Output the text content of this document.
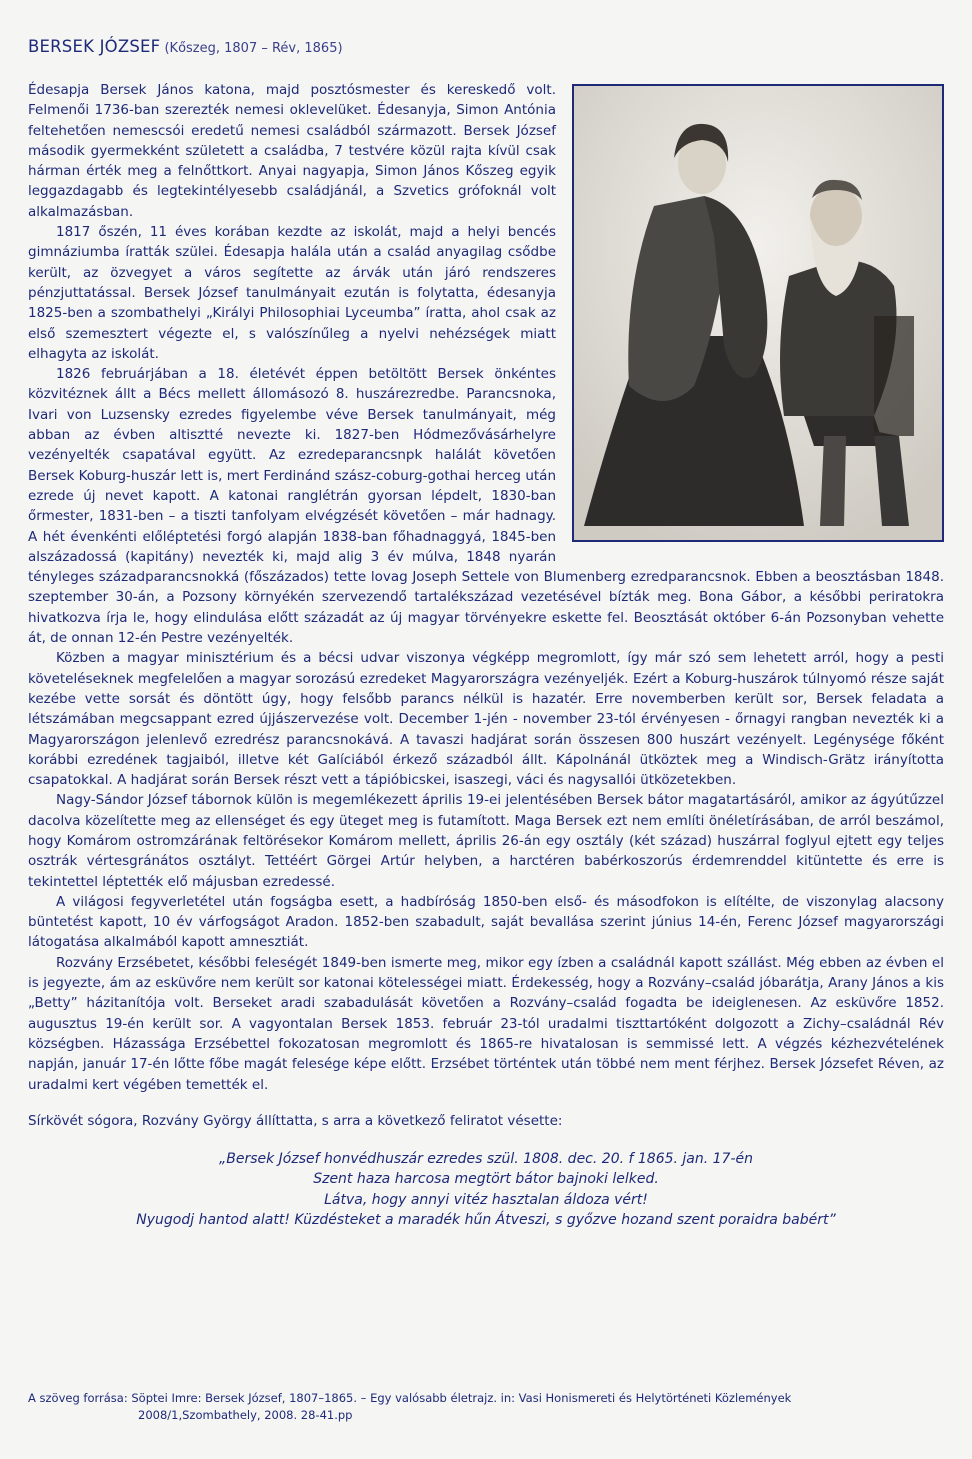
BERSEK JÓZSEF (Kőszeg, 1807 – Rév, 1865)

Édesapja Bersek János katona, majd posztósmester és kereskedő volt. Felmenői 1736-ban szerezték nemesi oklevelüket. Édesanyja, Simon Antónia feltehetően nemescsói eredetű nemesi családból származott. Bersek József második gyermekként született a családba, 7 testvére közül rajta kívül csak hárman érték meg a felnőttkort. Anyai nagyapja, Simon János Kőszeg egyik leggazdagabb és legtekintélyesebb családjánál, a Szvetics grófoknál volt alkalmazásban.

1817 őszén, 11 éves korában kezdte az iskolát, majd a helyi bencés gimnáziumba íratták szülei. Édesapja halála után a család anyagilag csődbe került, az özvegyet a város segítette az árvák után járó rendszeres pénzjuttatással. Bersek József tanulmányait ezután is folytatta, édesanyja 1825-ben a szombathelyi „Királyi Philosophiai Lyceumba” íratta, ahol csak az első szemesztert végezte el, s valószínűleg a nyelvi nehézségek miatt elhagyta az iskolát.

1826 februárjában a 18. életévét éppen betöltött Bersek önkéntes közvitéznek állt a Bécs mellett állomásozó 8. huszárezredbe. Parancsnoka, Ivari von Luzsensky ezredes figyelembe véve Bersek tanulmányait, még abban az évben altisztté nevezte ki. 1827-ben Hódmezővásárhelyre vezényelték csapatával együtt. Az ezredeparancsnpk halálát követően Bersek Koburg-huszár lett is, mert Ferdinánd szász-coburg-gothai herceg után ezrede új nevet kapott. A katonai ranglétrán gyorsan lépdelt, 1830-ban őrmester, 1831-ben – a tiszti tanfolyam elvégzését követően – már hadnagy. A hét évenkénti előléptetési forgó alapján 1838-ban főhadnaggyá, 1845-ben alszázadossá (kapitány) nevezték ki, majd alig 3 év múlva, 1848 nyarán tényleges századparancsnokká (főszázados) tette lovag Joseph Settele von Blumenberg ezredparancsnok. Ebben a beosztásban 1848. szeptember 30-án, a Pozsony környékén szervezendő tartalékszázad vezetésével bízták meg. Bona Gábor, a későbbi periratokra hivatkozva írja le, hogy elindulása előtt századát az új magyar törvényekre eskette fel. Beosztását október 6-án Pozsonyban vehette át, de onnan 12-én Pestre vezényelték.

Közben a magyar minisztérium és a bécsi udvar viszonya végképp megromlott, így már szó sem lehetett arról, hogy a pesti követeléseknek megfelelően a magyar sorozású ezredeket Magyarországra vezényeljék. Ezért a Koburg-huszárok túlnyomó része saját kezébe vette sorsát és döntött úgy, hogy felsőbb parancs nélkül is hazatér. Erre novemberben került sor, Bersek feladata a létszámában megcsappant ezred újjászervezése volt. December 1-jén - november 23-tól érvényesen - őrnagyi rangban nevezték ki a Magyarországon jelenlevő ezredrész parancsnokává. A tavaszi hadjárat során összesen 800 huszárt vezényelt. Legénysége főként korábbi ezredének tagjaiból, illetve két Galíciából érkező századból állt. Kápolnánál ütköztek meg a Windisch-Grätz irányította csapatokkal. A hadjárat során Bersek részt vett a tápióbicskei, isaszegi, váci és nagysallói ütközetekben.

Nagy-Sándor József tábornok külön is megemlékezett április 19-ei jelentésében Bersek bátor magatartásáról, amikor az ágyútűzzel dacolva közelítette meg az ellenséget és egy üteget meg is futamított. Maga Bersek ezt nem említi önéletírásában, de arról beszámol, hogy Komárom ostromzárának feltörésekor Komárom mellett, április 26-án egy osztály (két század) huszárral foglyul ejtett egy teljes osztrák vértesgránátos osztályt. Tettéért Görgei Artúr helyben, a harctéren babérkoszorús érdemrenddel kitüntette és erre is tekintettel léptették elő májusban ezredessé.

A világosi fegyverletétel után fogságba esett, a hadbíróság 1850-ben első- és másodfokon is elítélte, de viszonylag alacsony büntetést kapott, 10 év várfogságot Aradon. 1852-ben szabadult, saját bevallása szerint június 14-én, Ferenc József magyarországi látogatása alkalmából kapott amnesztiát.

Rozvány Erzsébetet, későbbi feleségét 1849-ben ismerte meg, mikor egy ízben a családnál kapott szállást. Még ebben az évben el is jegyezte, ám az esküvőre nem került sor katonai kötelességei miatt. Érdekesség, hogy a Rozvány–család jóbarátja, Arany János a kis „Betty” házitanítója volt. Berseket aradi szabadulását követően a Rozvány–család fogadta be ideiglenesen. Az esküvőre 1852. augusztus 19-én került sor. A vagyontalan Bersek 1853. február 23-tól uradalmi tiszttartóként dolgozott a Zichy–családnál Rév községben. Házassága Erzsébettel fokozatosan megromlott és 1865-re hivatalosan is semmissé lett. A végzés kézhezvételének napján, január 17-én lőtte főbe magát felesége képe előtt. Erzsébet történtek után többé nem ment férjhez. Bersek Józsefet Réven, az uradalmi kert végében temették el.

Sírkövét sógora, Rozvány György állíttatta, s arra a következő feliratot vésette:
„Bersek József honvédhuszár ezredes szül. 1808. dec. 20. f 1865. jan. 17-én
Szent haza harcosa megtört bátor bajnoki lelked.
Látva, hogy annyi vitéz hasztalan áldoza vért!
Nyugodj hantod alatt! Küzdésteket a maradék hűn Átveszi, s győzve hozand szent poraidra babért”
A szöveg forrása: Söptei Imre: Bersek József, 1807–1865. – Egy valósabb életrajz. in: Vasi Honismereti és Helytörténeti Közlemények
2008/1,Szombathely, 2008. 28-41.pp
